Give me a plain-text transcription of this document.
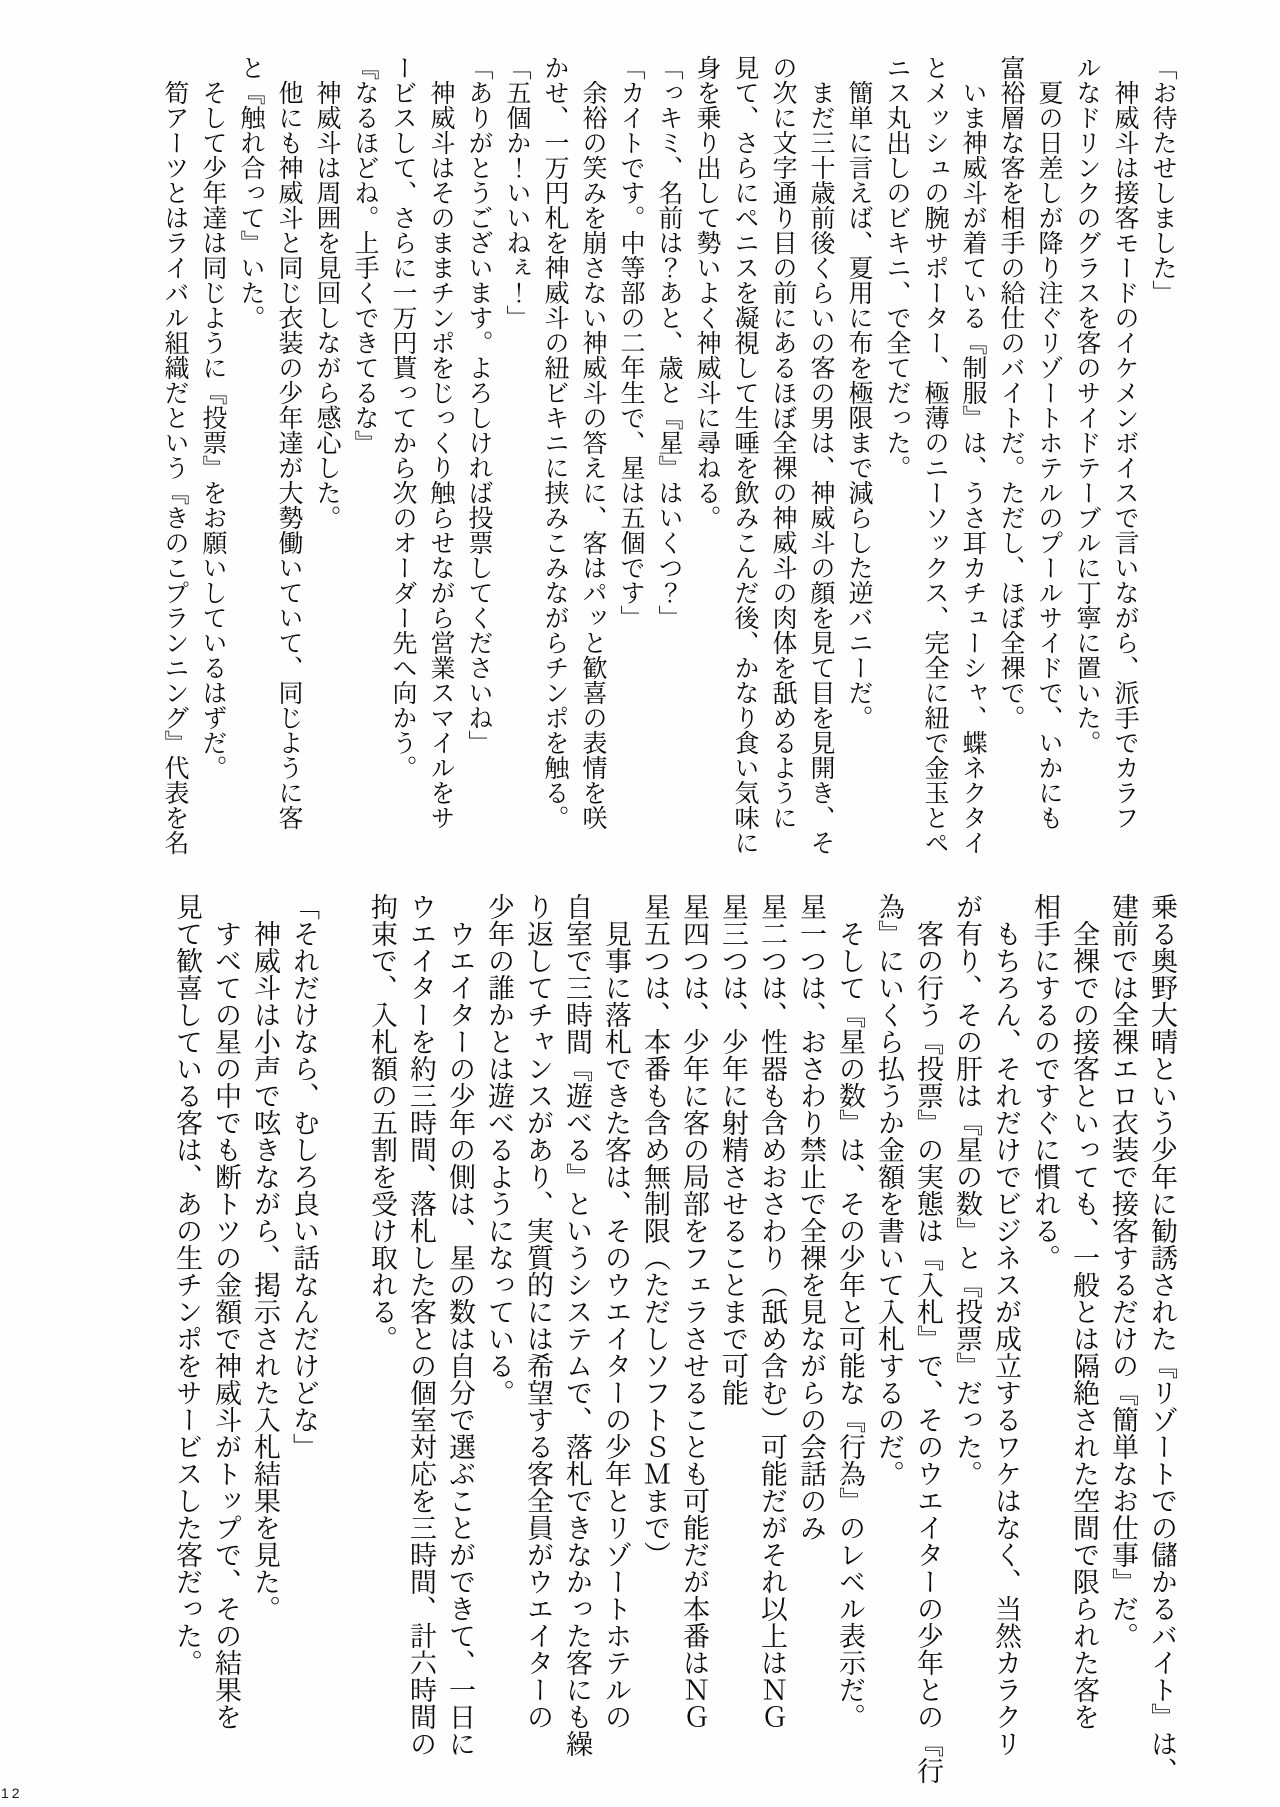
「お待たせしました」
　神威斗は接客モードのイケメンボイスで言いながら、派手でカラフ
ルなドリンクのグラスを客のサイドテーブルに丁寧に置いた。
　夏の日差しが降り注ぐリゾートホテルのプールサイドで、いかにも
富裕層な客を相手の給仕のバイトだ。ただし、ほぼ全裸で。
　いま神威斗が着ている『制服』は、うさ耳カチューシャ、蝶ネクタイ
とメッシュの腕サポーター、極薄のニーソックス、完全に紐で金玉とペ
ニス丸出しのビキニ、で全てだった。
　簡単に言えば、夏用に布を極限まで減らした逆バニーだ。
　まだ三十歳前後くらいの客の男は、神威斗の顔を見て目を見開き、そ
の次に文字通り目の前にあるほぼ全裸の神威斗の肉体を舐めるように
見て、さらにペニスを凝視して生唾を飲みこんだ後、かなり食い気味に
身を乗り出して勢いよく神威斗に尋ねる。
「っキミ、名前は？あと、歳と『星』はいくつ？」
「カイトです。中等部の二年生で、星は五個です」
　余裕の笑みを崩さない神威斗の答えに、客はパッと歓喜の表情を咲
かせ、一万円札を神威斗の紐ビキニに挟みこみながらチンポを触る。
「五個か！いいねぇ！」
「ありがとうございます。よろしければ投票してくださいね」
　神威斗はそのままチンポをじっくり触らせながら営業スマイルをサ
ービスして、さらに一万円貰ってから次のオーダー先へ向かう。
『なるほどね。上手くできてるな』
　神威斗は周囲を見回しながら感心した。
　他にも神威斗と同じ衣装の少年達が大勢働いていて、同じように客
と『触れ合って』いた。
　そして少年達は同じように『投票』をお願いしているはずだ。
　筍アーツとはライバル組織だという『きのこプランニング』代表を名
乗る奥野大晴という少年に勧誘された『リゾートでの儲かるバイト』は、
建前では全裸エロ衣装で接客するだけの『簡単なお仕事』だ。
　全裸での接客といっても、一般とは隔絶された空間で限られた客を
相手にするのですぐに慣れる。
　もちろん、それだけでビジネスが成立するワケはなく、当然カラクリ
が有り、その肝は『星の数』と『投票』だった。
　客の行う『投票』の実態は『入札』で、そのウエイターの少年との『行
為』にいくら払うか金額を書いて入札するのだ。
　そして『星の数』は、その少年と可能な『行為』のレベル表示だ。
星一つは、おさわり禁止で全裸を見ながらの会話のみ
星二つは、性器も含めおさわり（舐め含む）可能だがそれ以上はＮＧ
星三つは、少年に射精させることまで可能
星四つは、少年に客の局部をフェラさせることも可能だが本番はＮＧ
星五つは、本番も含め無制限（ただしソフトＳＭまで）
　見事に落札できた客は、そのウエイターの少年とリゾートホテルの
自室で三時間『遊べる』というシステムで、落札できなかった客にも繰
り返してチャンスがあり、実質的には希望する客全員がウエイターの
少年の誰かとは遊べるようになっている。
　ウエイターの少年の側は、星の数は自分で選ぶことができて、一日に
ウエイターを約三時間、落札した客との個室対応を三時間、計六時間の
拘束で、入札額の五割を受け取れる。

「それだけなら、むしろ良い話なんだけどな」
　神威斗は小声で呟きながら、掲示された入札結果を見た。
　すべての星の中でも断トツの金額で神威斗がトップで、その結果を
見て歓喜している客は、あの生チンポをサービスした客だった。
12
